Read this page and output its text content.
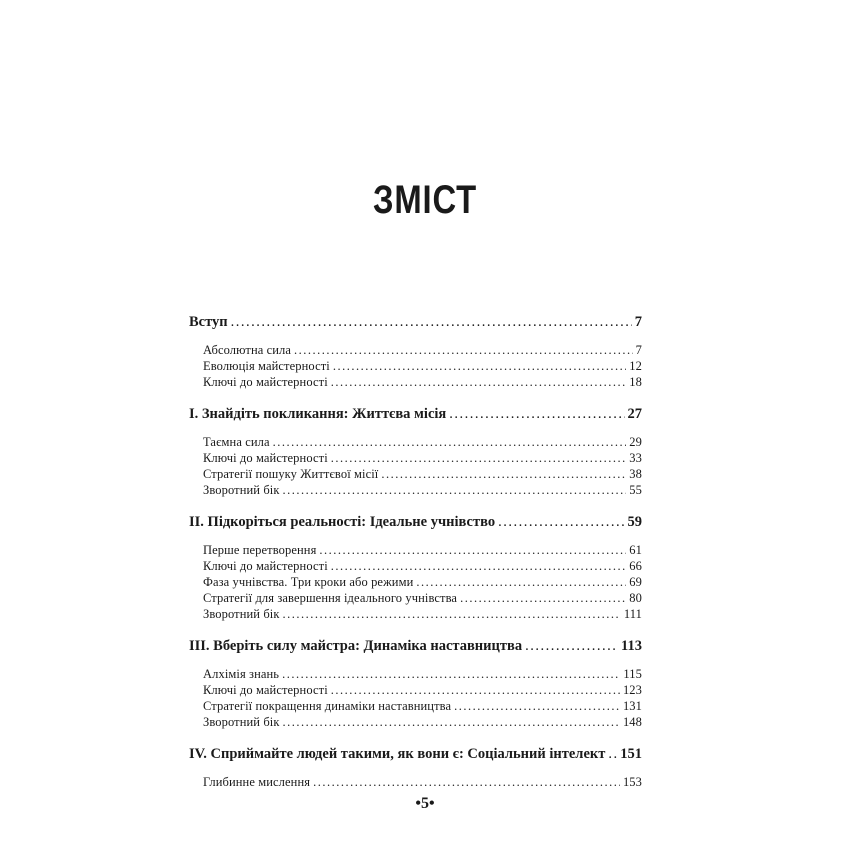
ЗМІСТ
Вступ .....	7
Абсолютна сила .....	7
Еволюція майстерності .....	12
Ключі до майстерності .....	18
I. Знайдіть покликання: Життєва місія .....	27
Таємна сила .....	29
Ключі до майстерності .....	33
Стратегії пошуку Життєвої місії .....	38
Зворотний бік .....	55
II. Підкоріться реальності: Ідеальне учнівство .....	59
Перше перетворення .....	61
Ключі до майстерності .....	66
Фаза учнівства. Три кроки або режими .....	69
Стратегії для завершення ідеального учнівства .....	80
Зворотний бік .....	111
III. Вберіть силу майстра: Динаміка наставництва .....	113
Алхімія знань .....	115
Ключі до майстерності .....	123
Стратегії покращення динаміки наставництва .....	131
Зворотний бік .....	148
IV. Сприймайте людей такими, як вони є: Соціальний інтелект ..... 151
Глибинне мислення .....	153
•5•
